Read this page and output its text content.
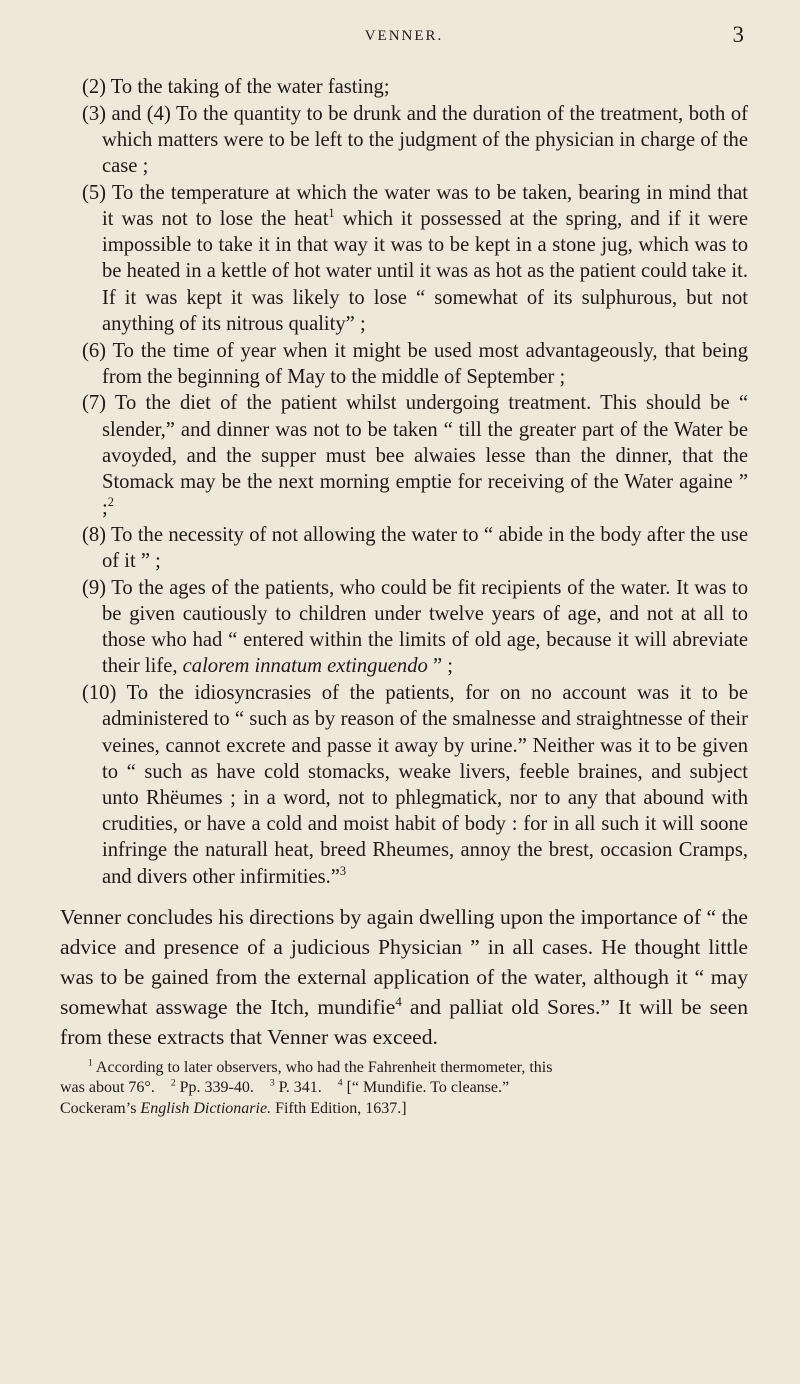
VENNER.	3

(2) To the taking of the water fasting;

(3) and (4) To the quantity to be drunk and the duration of the treatment, both of which matters were to be left to the judgment of the physician in charge of the case ;

(5) To the temperature at which the water was to be taken, bearing in mind that it was not to lose the heat$^1$ which it possessed at the spring, and if it were impossible to take it in that way it was to be kept in a stone jug, which was to be heated in a kettle of hot water until it was as hot as the patient could take it. If it was kept it was likely to lose “ somewhat of its sulphurous, but not anything of its nitrous quality” ;

(6) To the time of year when it might be used most advantageously, that being from the beginning of May to the middle of September ;

(7) To the diet of the patient whilst undergoing treatment. This should be “ slender,” and dinner was not to be taken “ till the greater part of the Water be avoyded, and the supper must bee alwaies lesse than the dinner, that the Stomack may be the next morning emptie for receiving of the Water againe ” ;$^2$

(8) To the necessity of not allowing the water to “ abide in the body after the use of it ” ;

(9) To the ages of the patients, who could be fit recipients of the water. It was to be given cautiously to children under twelve years of age, and not at all to those who had “ entered within the limits of old age, because it will abreviate their life, calorem innatum extinguendo ” ;

(10) To the idiosyncrasies of the patients, for on no account was it to be administered to “ such as by reason of the smalnesse and straightnesse of their veines, cannot excrete and passe it away by urine.” Neither was it to be given to “ such as have cold stomacks, weake livers, feeble braines, and subject unto Rhëumes ; in a word, not to phlegmatick, nor to any that abound with crudities, or have a cold and moist habit of body : for in all such it will soone infringe the naturall heat, breed Rheumes, annoy the brest, occasion Cramps, and divers other infirmities.”$^3$

Venner concludes his directions by again dwelling upon the importance of “ the advice and presence of a judicious Physician ” in all cases. He thought little was to be gained from the external application of the water, although it “ may somewhat asswage the Itch, mundifie$^4$ and palliat old Sores.” It will be seen from these extracts that Venner was exceed.

$^1$ According to later observers, who had the Fahrenheit thermometer, this
was about 76°. $^2$ Pp. 339-40. $^3$ P. 341. $^4$ [“ Mundifie. To cleanse.”
Cockeram’s English Dictionarie. Fifth Edition, 1637.]
